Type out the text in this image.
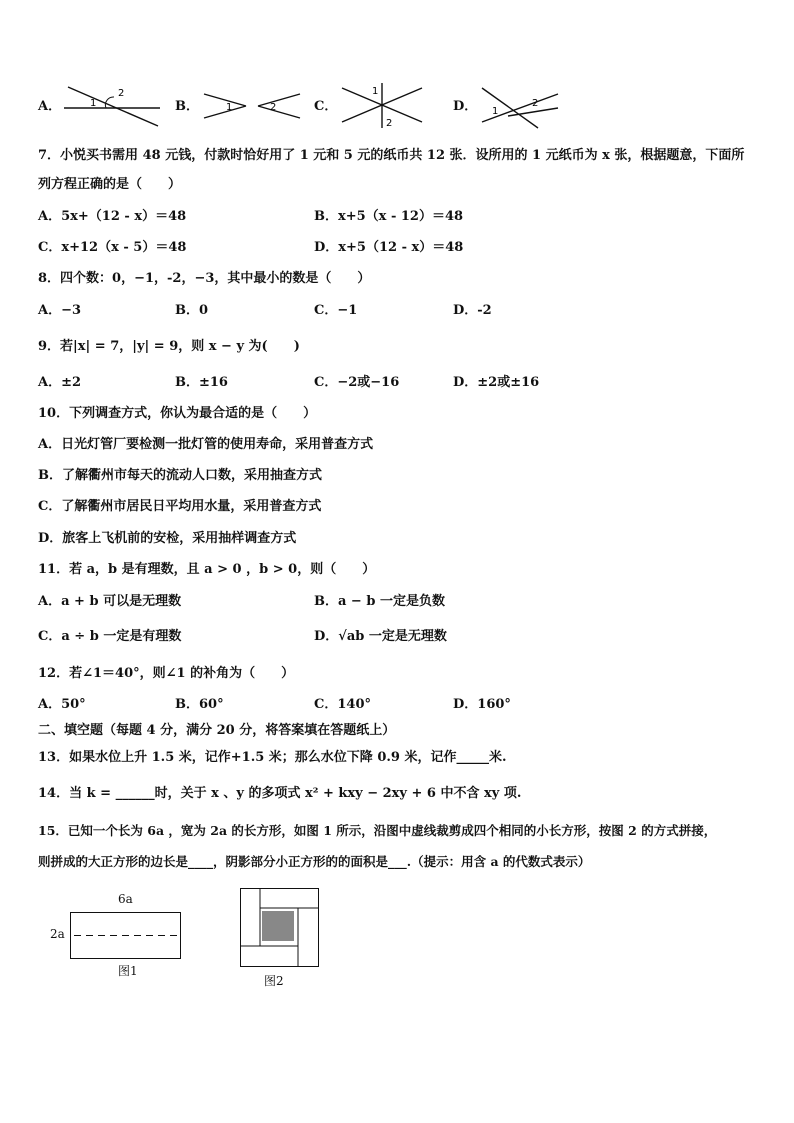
A．	1
2
B．	1	2	C．
1
2
D． 1
2
7．小悦买书需用 48 元钱，付款时恰好用了 1 元和 5 元的纸币共 12 张．设所用的 1 元纸币为 x 张，根据题意，下面所
列方程正确的是（　　）
A．5x+（12 - x）＝48	B．x+5（x - 12）＝48
C．x+12（x - 5）＝48	D．x+5（12 - x）＝48
8．四个数：0，−1，-2，−3，其中最小的数是（　　）
A．−3	B．0	C．−1	D．-2
9．若|x| = 7，|y| = 9，则 x − y 为(　　)
A．±2	B．±16	C．−2或−16	D．±2或±16
10．下列调查方式，你认为最合适的是（　　）
A．日光灯管厂要检测一批灯管的使用寿命，采用普查方式
B．了解衢州市每天的流动人口数，采用抽查方式
C．了解衢州市居民日平均用水量，采用普查方式
D．旅客上飞机前的安检，采用抽样调查方式
11．若 a，b 是有理数，且 a > 0 ，b > 0，则（　　）
A．a + b 可以是无理数	B．a − b 一定是负数
C．a ÷ b 一定是有理数	D．√ab 一定是无理数
12．若∠1＝40°，则∠1 的补角为（　　）
A．50°	B．60°	C．140°	D．160°
二、填空题（每题 4 分，满分 20 分，将答案填在答题纸上）
13．如果水位上升 1.5 米，记作+1.5 米；那么水位下降 0.9 米，记作_____米.
14．当 k = ______时，关于 x 、y 的多项式 x² + kxy − 2xy + 6 中不含 xy 项.
15．已知一个长为 6a ，宽为 2a 的长方形，如图 1 所示，沿图中虚线裁剪成四个相同的小长方形，按图 2 的方式拼接，
则拼成的大正方形的边长是____，阴影部分小正方形的的面积是___.（提示：用含 a 的代数式表示）
6a
2a
图1
图2
